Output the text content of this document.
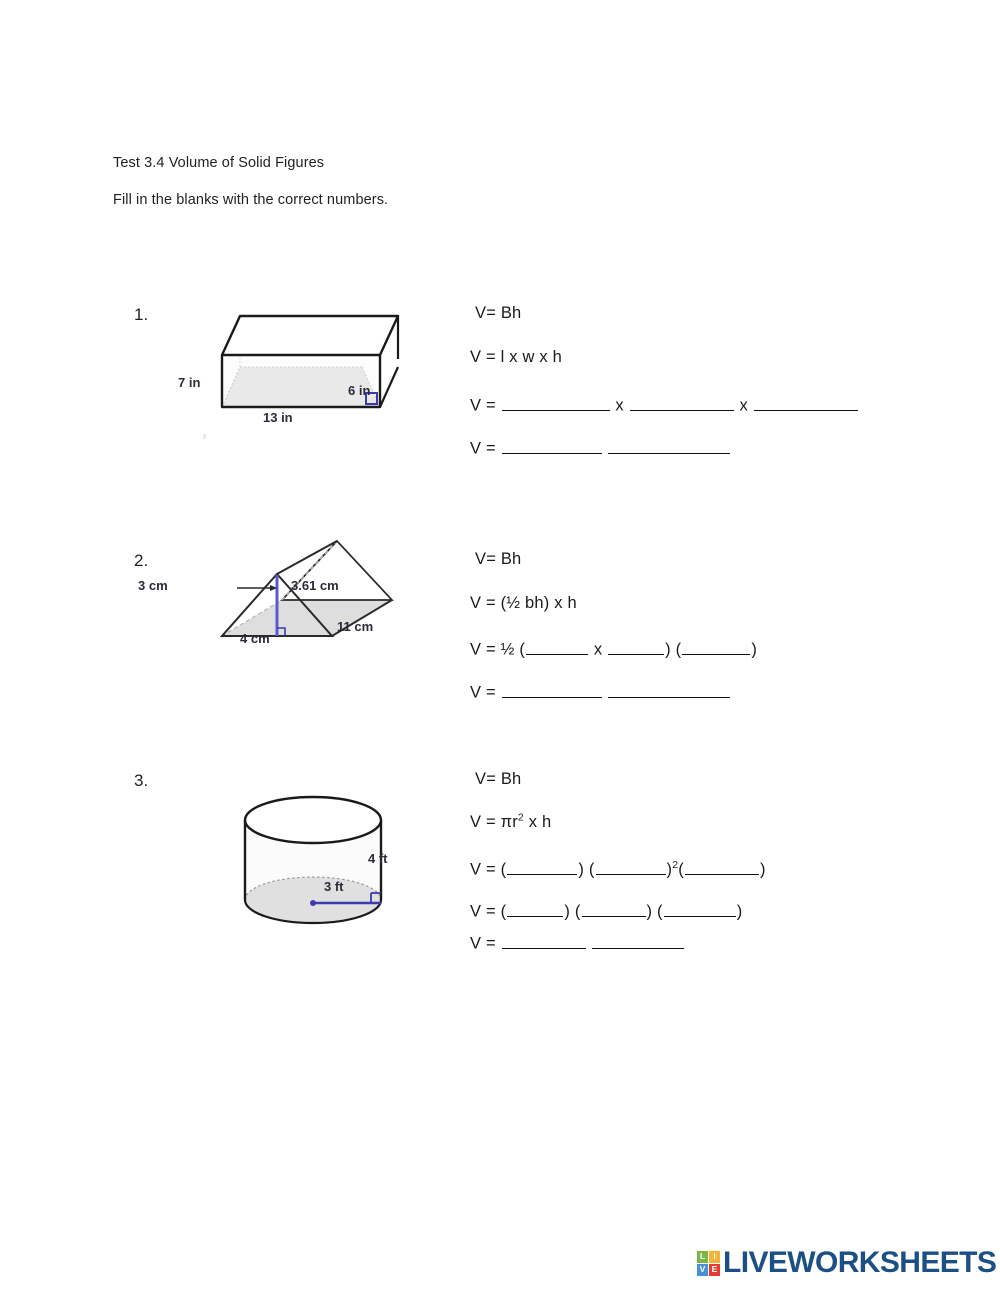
Test 3.4 Volume of Solid Figures
Fill in the blanks with the correct numbers.
1.
7 in
6 in
13 in
V= Bh
V = l x w x h
V =	x	x
V =
2.
3 cm	3.61 cm
4 cm
11 cm
V= Bh
V = (½ bh) x h
V = ½ (	x	) (	)
V =
3.
4 ft
3 ft
V= Bh
$V = \pi r^2$ x h
V = (	) (	)$^2$(	)
V = (	) (	) (	)
V =
L I
V E LIVEWORKSHEETS
